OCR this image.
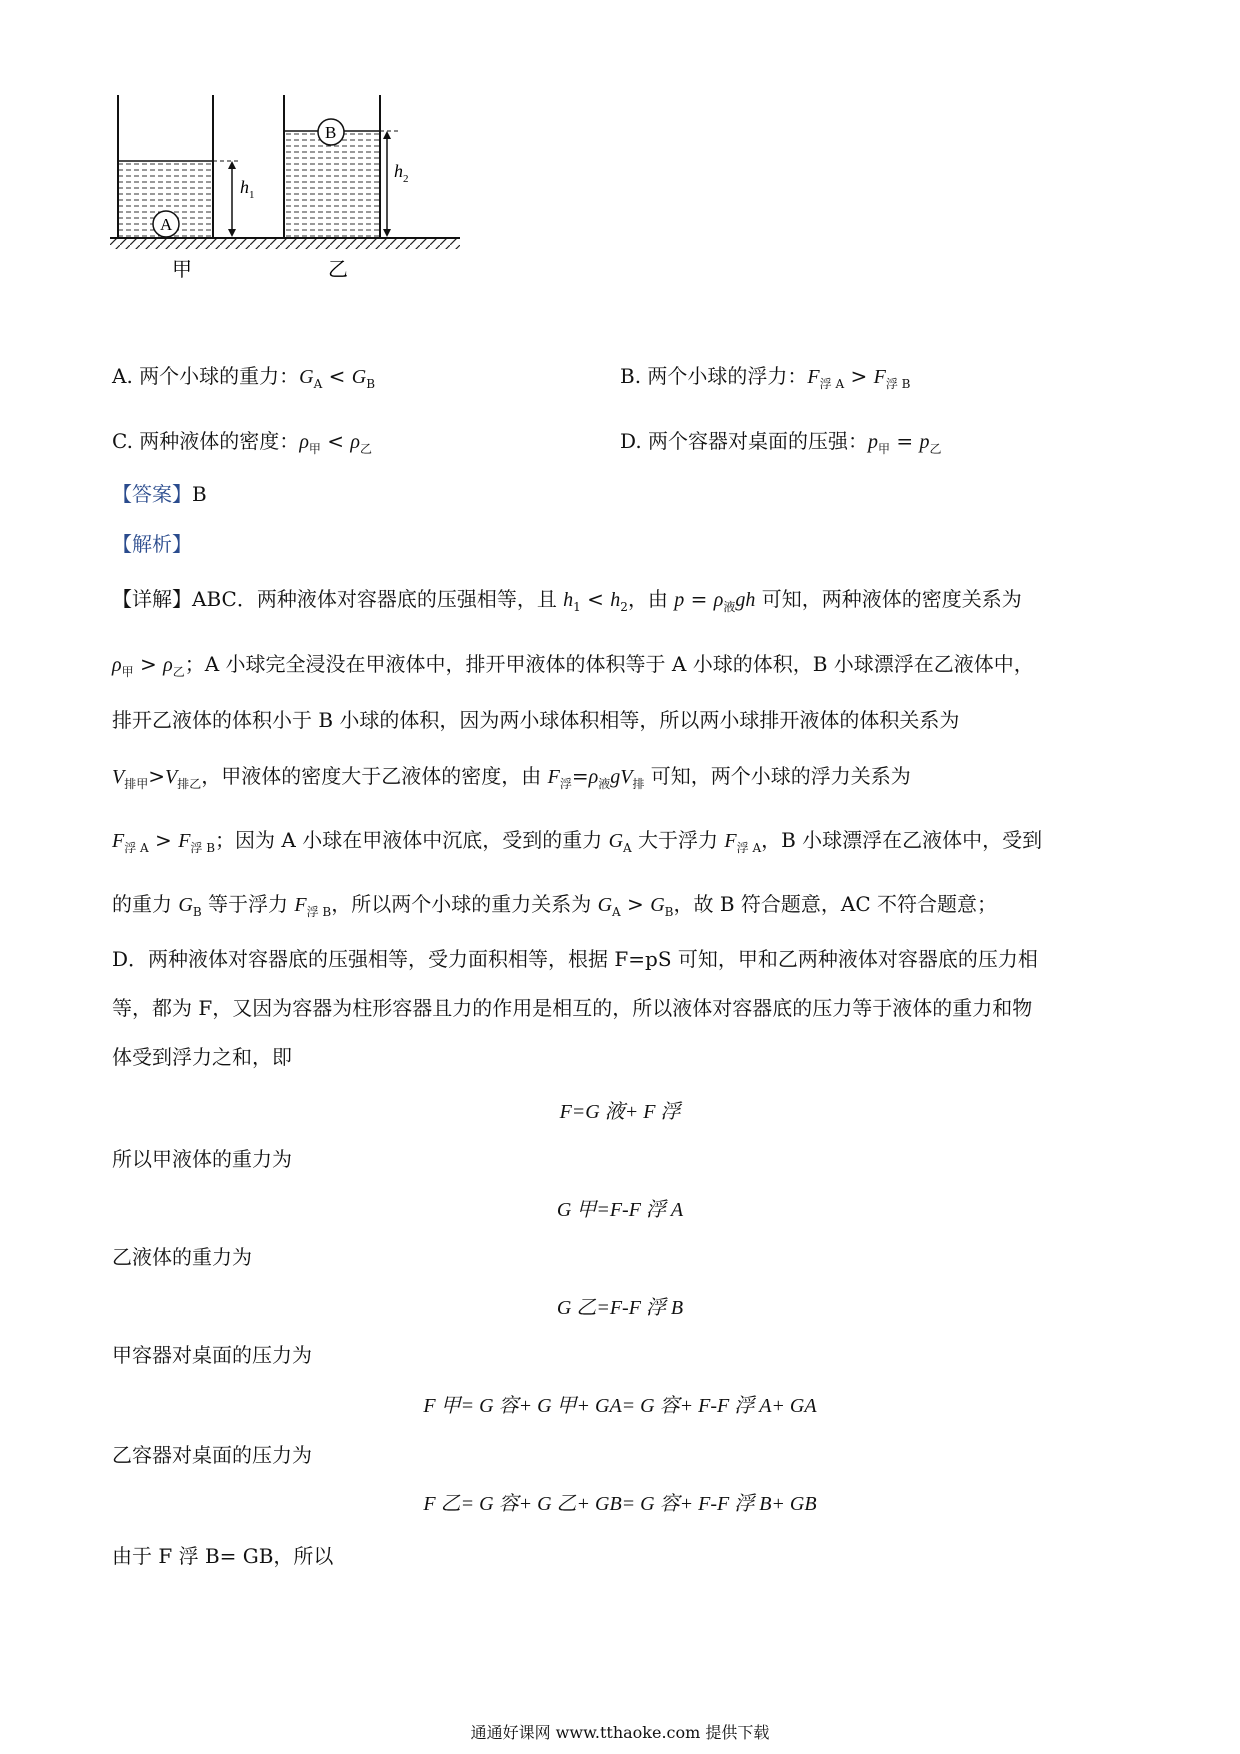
A
$h_1$
B
$h_2$
甲	乙
A. 两个小球的重力：$G_A < G_B$	B. 两个小球的浮力：$F_{浮 A} > F_{浮 B}$
C. 两种液体的密度：$\rho_甲 < \rho_乙$	D. 两个容器对桌面的压强：$p_甲 = p_乙$
【答案】B
【解析】
【详解】ABC．两种液体对容器底的压强相等，且 $h_1 < h_2$，由 $p = \rho_液gh$ 可知，两种液体的密度关系为
$\rho_甲 > \rho_乙$；A 小球完全浸没在甲液体中，排开甲液体的体积等于 A 小球的体积，B 小球漂浮在乙液体中，
排开乙液体的体积小于 B 小球的体积，因为两小球体积相等，所以两小球排开液体的体积关系为
$V_{排甲}>V_{排乙}$，甲液体的密度大于乙液体的密度，由 $F_浮=\rho_液gV_排$ 可知，两个小球的浮力关系为
$F_{浮 A} > F_{浮 B}$；因为 A 小球在甲液体中沉底，受到的重力 $G_A$ 大于浮力 $F_{浮 A}$，B 小球漂浮在乙液体中，受到
的重力 $G_B$ 等于浮力 $F_{浮 B}$，所以两个小球的重力关系为 $G_A > G_B$，故 B 符合题意，AC 不符合题意；
D．两种液体对容器底的压强相等，受力面积相等，根据 F=pS 可知，甲和乙两种液体对容器底的压力相
等，都为 F，又因为容器为柱形容器且力的作用是相互的，所以液体对容器底的压力等于液体的重力和物
体受到浮力之和，即
F=G 液+ F 浮
所以甲液体的重力为
G 甲=F-F 浮 A
乙液体的重力为
G 乙=F-F 浮 B
甲容器对桌面的压力为
F 甲= G 容+ G 甲+ GA= G 容+ F-F 浮 A+ GA
乙容器对桌面的压力为
F 乙= G 容+ G 乙+ GB= G 容+ F-F 浮 B+ GB
由于 F 浮 B= GB，所以
通通好课网 www.tthaoke.com 提供下载
